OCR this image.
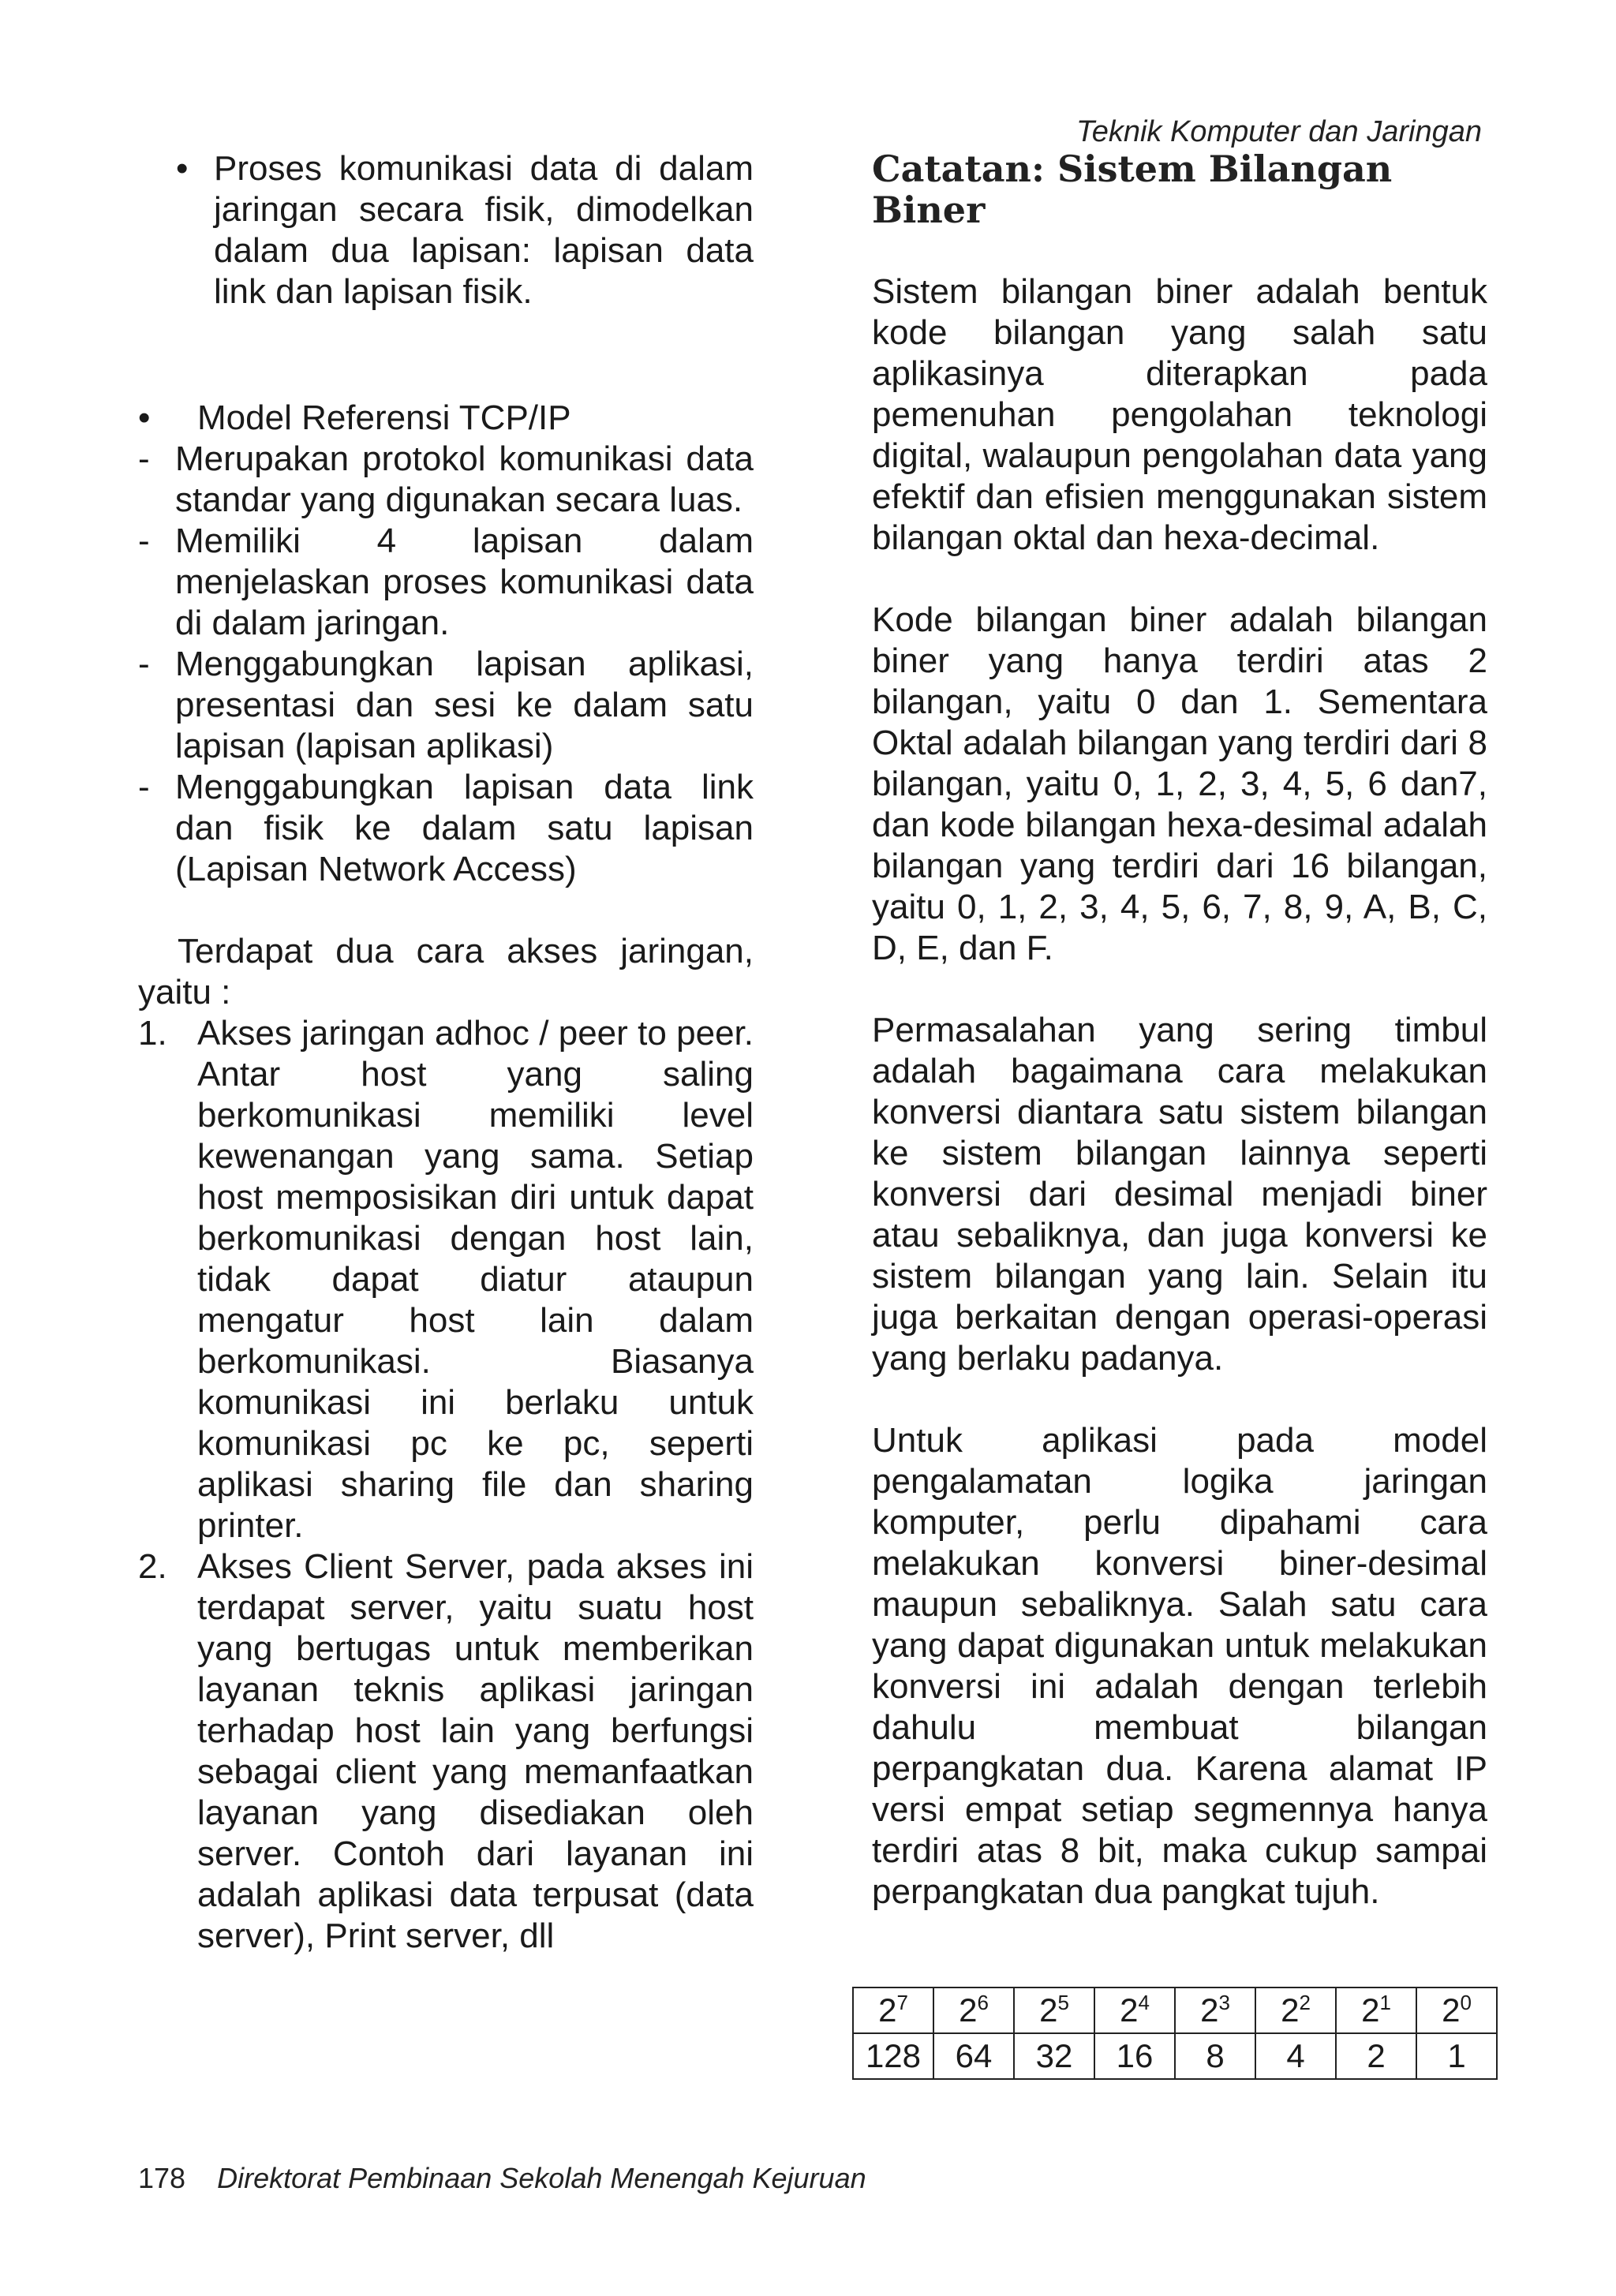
Teknik Komputer dan Jaringan
• Proses komunikasi data di dalam jaringan secara fisik, dimodelkan dalam dua lapisan: lapisan data link dan lapisan fisik.

•	Model Referensi TCP/IP

- Merupakan protokol komunikasi data standar yang digunakan secara luas.

- Memiliki 4 lapisan dalam menjelaskan proses komunikasi data di dalam jaringan.

- Menggabungkan lapisan aplikasi, presentasi dan sesi ke dalam satu lapisan (lapisan aplikasi)

- Menggabungkan lapisan data link dan fisik ke dalam satu lapisan (Lapisan Network Access)

Terdapat dua cara akses jaringan, yaitu :

1. Akses jaringan adhoc / peer to peer. Antar host yang saling berkomunikasi memiliki level kewenangan yang sama. Setiap host memposisikan diri untuk dapat berkomunikasi dengan host lain, tidak dapat diatur ataupun mengatur host lain dalam berkomunikasi. Biasanya komunikasi ini berlaku untuk komunikasi pc ke pc, seperti aplikasi sharing file dan sharing printer.

2. Akses Client Server, pada akses ini terdapat server, yaitu suatu host yang bertugas untuk memberikan layanan teknis aplikasi jaringan terhadap host lain yang berfungsi sebagai client yang memanfaatkan layanan yang disediakan oleh server. Contoh dari layanan ini adalah aplikasi data terpusat (data server), Print server, dll

Catatan: Sistem Bilangan Biner

Sistem bilangan biner adalah bentuk kode bilangan yang salah satu aplikasinya diterapkan pada pemenuhan pengolahan teknologi digital, walaupun pengolahan data yang efektif dan efisien menggunakan sistem bilangan oktal dan hexa-decimal.

Kode bilangan biner adalah bilangan biner yang hanya terdiri atas 2 bilangan, yaitu 0 dan 1. Sementara Oktal adalah bilangan yang terdiri dari 8 bilangan, yaitu 0, 1, 2, 3, 4, 5, 6 dan7, dan kode bilangan hexa-desimal adalah bilangan yang terdiri dari 16 bilangan, yaitu 0, 1, 2, 3, 4, 5, 6, 7, 8, 9, A, B, C, D, E, dan F.

Permasalahan yang sering timbul adalah bagaimana cara melakukan konversi diantara satu sistem bilangan ke sistem bilangan lainnya seperti konversi dari desimal menjadi biner atau sebaliknya, dan juga konversi ke sistem bilangan yang lain. Selain itu juga berkaitan dengan operasi-operasi yang berlaku padanya.

Untuk aplikasi pada model pengalamatan logika jaringan komputer, perlu dipahami cara melakukan konversi biner-desimal maupun sebaliknya. Salah satu cara yang dapat digunakan untuk melakukan konversi ini adalah dengan terlebih dahulu membuat bilangan perpangkatan dua. Karena alamat IP versi empat setiap segmennya hanya terdiri atas 8 bit, maka cukup sampai perpangkatan dua pangkat tujuh.

$2^7$	$2^6$	$2^5$	$2^4$	$2^3$	$2^2$	$2^1$	$2^0$
128	64	32	16	8	4	2	1
178 Direktorat Pembinaan Sekolah Menengah Kejuruan
